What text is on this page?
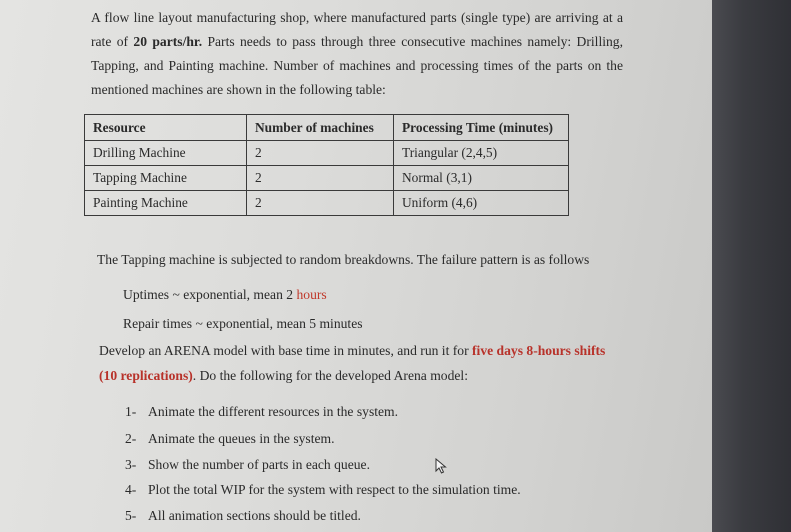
A flow line layout manufacturing shop, where manufactured parts (single type) are arriving at a rate of 20 parts/hr. Parts needs to pass through three consecutive machines namely: Drilling, Tapping, and Painting machine. Number of machines and processing times of the parts on the mentioned machines are shown in the following table:

Resource	Number of machines	Processing Time (minutes)
Drilling Machine	2	Triangular (2,4,5)
Tapping Machine	2	Normal (3,1)
Painting Machine	2	Uniform (4,6)

The Tapping machine is subjected to random breakdowns. The failure pattern is as follows

Uptimes ~ exponential, mean 2 hours

Repair times ~ exponential, mean 5 minutes

Develop an ARENA model with base time in minutes, and run it for five days 8-hours shifts

(10 replications). Do the following for the developed Arena model:

1- Animate the different resources in the system.
2- Animate the queues in the system.
3- Show the number of parts in each queue.
4- Plot the total WIP for the system with respect to the simulation time.
5- All animation sections should be titled.
